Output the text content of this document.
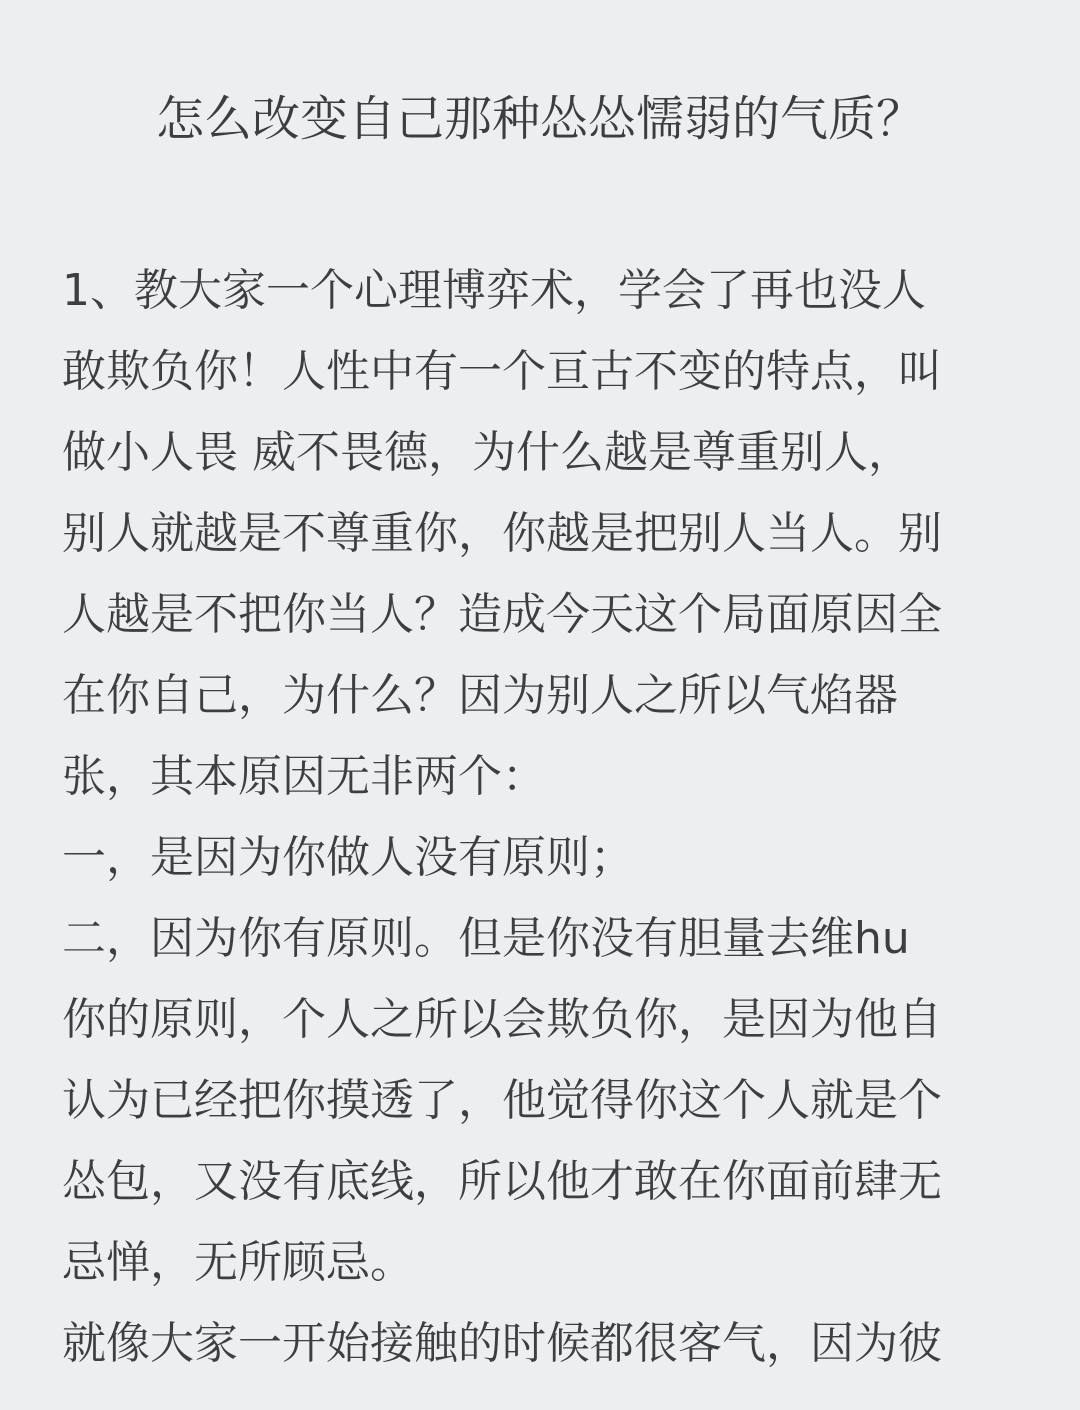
怎么改变自己那种怂怂懦弱的气质？
1、教大家一个心理博弈术，学会了再也没人
敢欺负你！人性中有一个亘古不变的特点，叫
做小人畏 威不畏德，为什么越是尊重别人，
别人就越是不尊重你，你越是把别人当人。别
人越是不把你当人？造成今天这个局面原因全
在你自己，为什么？因为别人之所以气焰器
张，其本原因无非两个：
一，是因为你做人没有原则；
二，因为你有原则。但是你没有胆量去维hu
你的原则，个人之所以会欺负你，是因为他自
认为已经把你摸透了，他觉得你这个人就是个
怂包，又没有底线，所以他才敢在你面前肆无
忌惮，无所顾忌。
就像大家一开始接触的时候都很客气，因为彼
